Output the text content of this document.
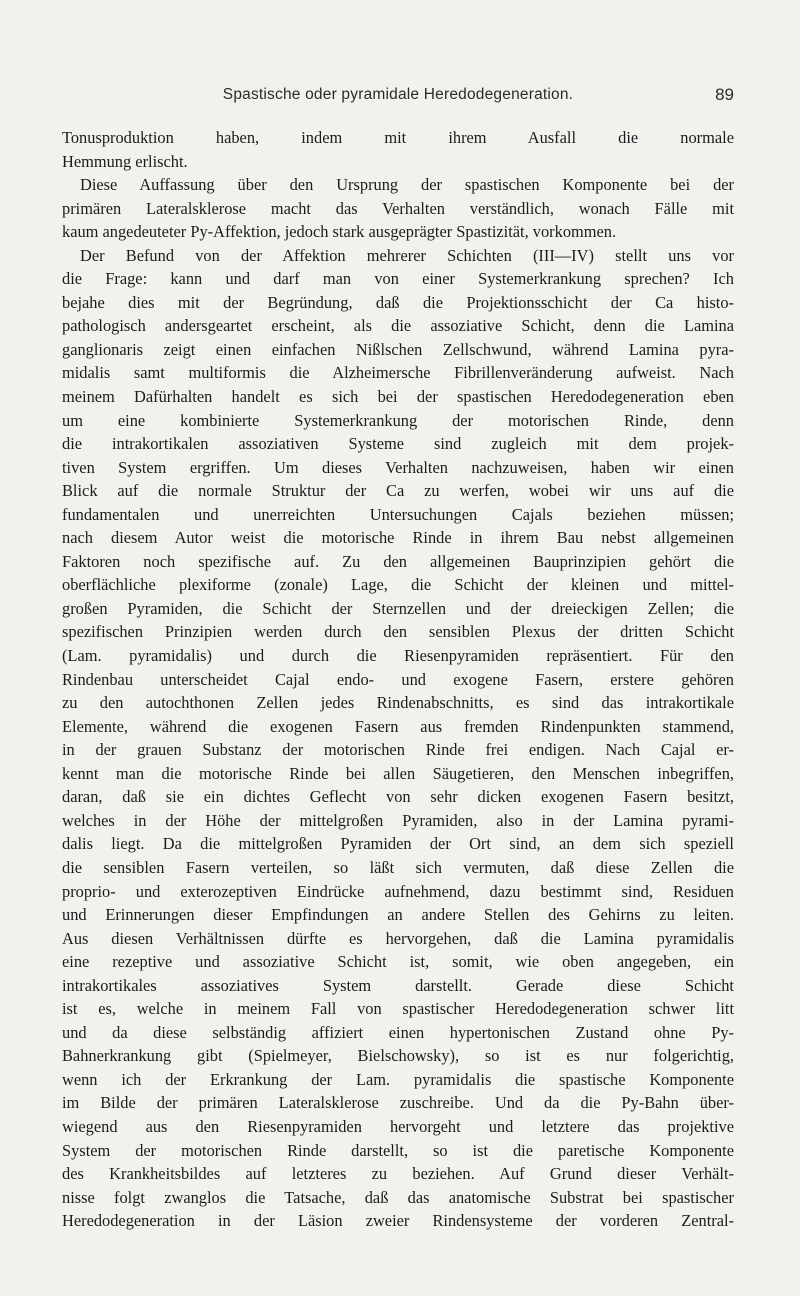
Spastische oder pyramidale Heredodegeneration.	89
Tonusproduktion haben, indem mit ihrem Ausfall die normale
Hemmung erlischt.
Diese Auffassung über den Ursprung der spastischen Komponente bei der
primären Lateralsklerose macht das Verhalten verständlich, wonach Fälle mit
kaum angedeuteter Py-Affektion, jedoch stark ausgeprägter Spastizität, vorkommen.
Der Befund von der Affektion mehrerer Schichten (III—IV) stellt uns vor
die Frage: kann und darf man von einer Systemerkrankung sprechen? Ich
bejahe dies mit der Begründung, daß die Projektionsschicht der Ca histo-
pathologisch andersgeartet erscheint, als die assoziative Schicht, denn die Lamina
ganglionaris zeigt einen einfachen Nißlschen Zellschwund, während Lamina pyra-
midalis samt multiformis die Alzheimersche Fibrillenveränderung aufweist. Nach
meinem Dafürhalten handelt es sich bei der spastischen Heredodegeneration eben
um eine kombinierte Systemerkrankung der motorischen Rinde, denn
die intrakortikalen assoziativen Systeme sind zugleich mit dem projek-
tiven System ergriffen. Um dieses Verhalten nachzuweisen, haben wir einen
Blick auf die normale Struktur der Ca zu werfen, wobei wir uns auf die
fundamentalen und unerreichten Untersuchungen Cajals beziehen müssen;
nach diesem Autor weist die motorische Rinde in ihrem Bau nebst allgemeinen
Faktoren noch spezifische auf. Zu den allgemeinen Bauprinzipien gehört die
oberflächliche plexiforme (zonale) Lage, die Schicht der kleinen und mittel-
großen Pyramiden, die Schicht der Sternzellen und der dreieckigen Zellen; die
spezifischen Prinzipien werden durch den sensiblen Plexus der dritten Schicht
(Lam. pyramidalis) und durch die Riesenpyramiden repräsentiert. Für den
Rindenbau unterscheidet Cajal endo- und exogene Fasern, erstere gehören
zu den autochthonen Zellen jedes Rindenabschnitts, es sind das intrakortikale
Elemente, während die exogenen Fasern aus fremden Rindenpunkten stammend,
in der grauen Substanz der motorischen Rinde frei endigen. Nach Cajal er-
kennt man die motorische Rinde bei allen Säugetieren, den Menschen inbegriffen,
daran, daß sie ein dichtes Geflecht von sehr dicken exogenen Fasern besitzt,
welches in der Höhe der mittelgroßen Pyramiden, also in der Lamina pyrami-
dalis liegt. Da die mittelgroßen Pyramiden der Ort sind, an dem sich speziell
die sensiblen Fasern verteilen, so läßt sich vermuten, daß diese Zellen die
proprio- und exterozeptiven Eindrücke aufnehmend, dazu bestimmt sind, Residuen
und Erinnerungen dieser Empfindungen an andere Stellen des Gehirns zu leiten.
Aus diesen Verhältnissen dürfte es hervorgehen, daß die Lamina pyramidalis
eine rezeptive und assoziative Schicht ist, somit, wie oben angegeben, ein
intrakortikales assoziatives System darstellt. Gerade diese Schicht
ist es, welche in meinem Fall von spastischer Heredodegeneration schwer litt
und da diese selbständig affiziert einen hypertonischen Zustand ohne Py-
Bahnerkrankung gibt (Spielmeyer, Bielschowsky), so ist es nur folgerichtig,
wenn ich der Erkrankung der Lam. pyramidalis die spastische Komponente
im Bilde der primären Lateralsklerose zuschreibe. Und da die Py-Bahn über-
wiegend aus den Riesenpyramiden hervorgeht und letztere das projektive
System der motorischen Rinde darstellt, so ist die paretische Komponente
des Krankheitsbildes auf letzteres zu beziehen. Auf Grund dieser Verhält-
nisse folgt zwanglos die Tatsache, daß das anatomische Substrat bei spastischer
Heredodegeneration in der Läsion zweier Rindensysteme der vorderen Zentral-
